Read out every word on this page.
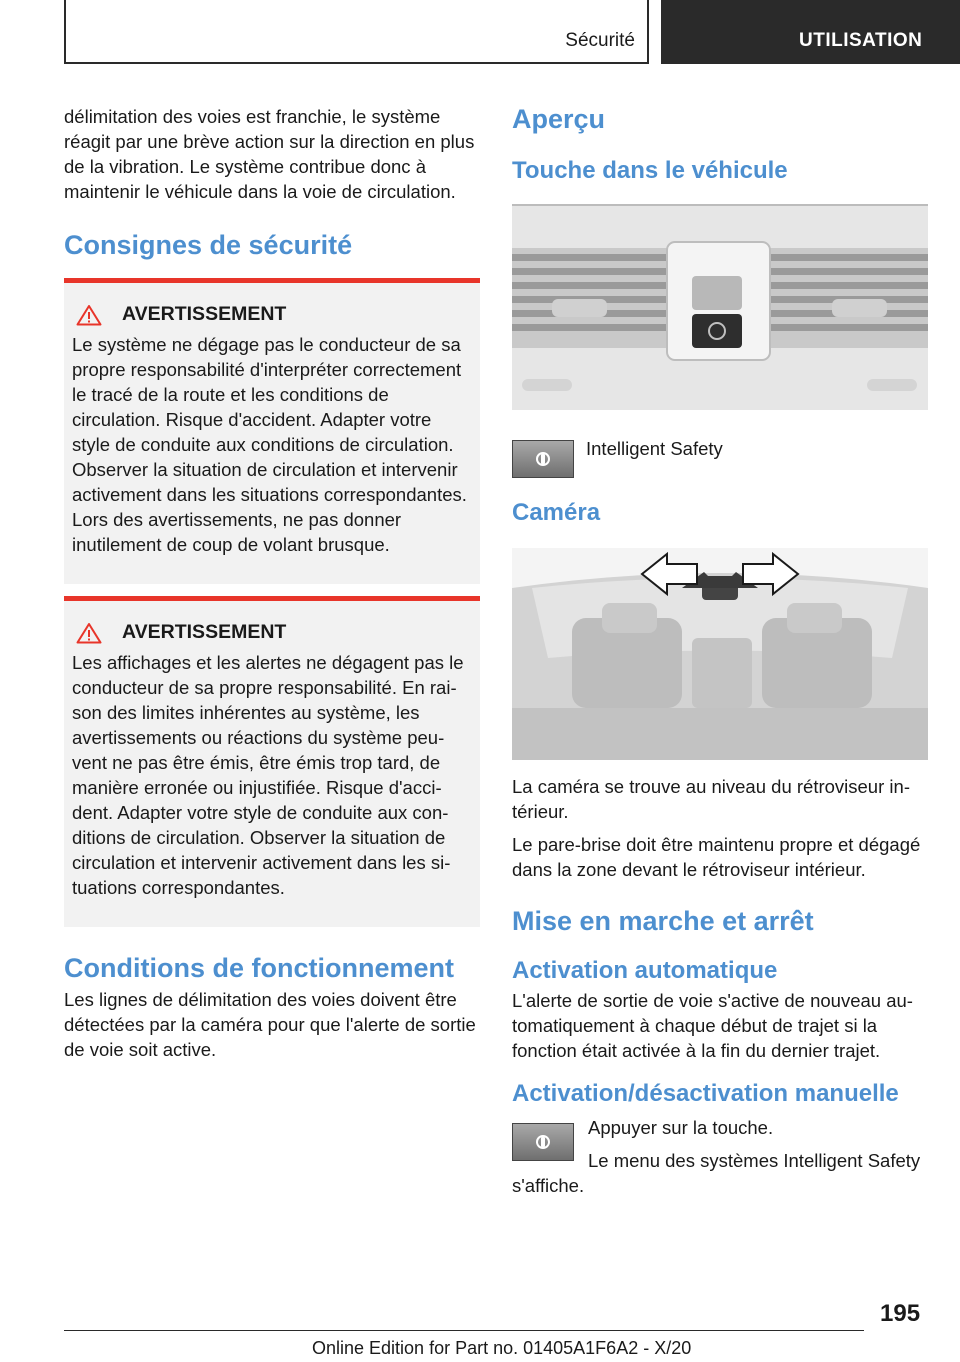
Sécurité	UTILISATION

délimitation des voies est franchie, le système réagit par une brève action sur la direction en plus de la vibration. Le système contribue donc à maintenir le véhicule dans la voie de circulation.

Consignes de sécurité
AVERTISSEMENT

Le système ne dégage pas le conducteur de sa propre responsabilité d'interpréter correctement le tracé de la route et les conditions de circulation. Risque d'accident. Adapter votre style de conduite aux conditions de circulation. Observer la situation de circulation et intervenir activement dans les situations correspondantes. Lors des avertissements, ne pas donner inutilement de coup de volant brusque.

AVERTISSEMENT

Les affichages et les alertes ne dégagent pas le conducteur de sa propre responsabilité. En raison des limites inhérentes au système, les avertissements ou réactions du système peuvent ne pas être émis, être émis trop tard, de manière erronée ou injustifiée. Risque d'accident. Adapter votre style de conduite aux conditions de circulation. Observer la situation de circulation et intervenir activement dans les situations correspondantes.

Conditions de fonctionnement

Les lignes de délimitation des voies doivent être détectées par la caméra pour que l'alerte de sortie de voie soit active.

Aperçu
Touche dans le véhicule

Intelligent Safety

Caméra

La caméra se trouve au niveau du rétroviseur intérieur.

Le pare-brise doit être maintenu propre et dégagé dans la zone devant le rétroviseur intérieur.

Mise en marche et arrêt
Activation automatique

L'alerte de sortie de voie s'active de nouveau automatiquement à chaque début de trajet si la fonction était activée à la fin du dernier trajet.

Activation/désactivation manuelle

Appuyer sur la touche.

Le menu des systèmes Intelligent Safety s'affiche.

195
Online Edition for Part no. 01405A1F6A2 - X/20
